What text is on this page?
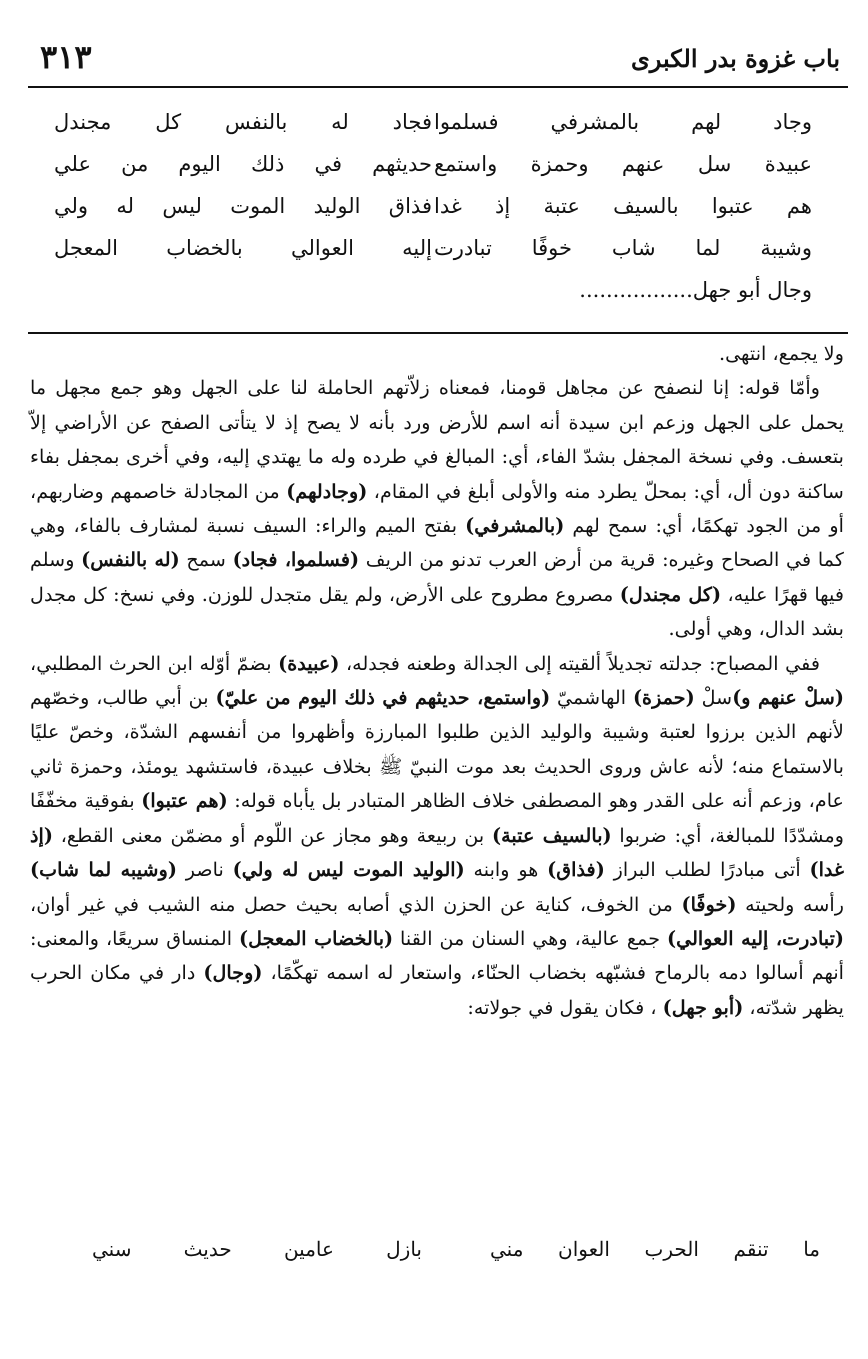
باب غزوة بدر الكبرى
٣١٣
وجاد لهم بالمشرفي فسلموا
فجاد له بالنفس كل مجندل
عبيدة سل عنهم وحمزة واستمع
حديثهم في ذلك اليوم من علي
هم عتبوا بالسيف عتبة إذ غدا
فذاق الوليد الموت ليس له ولي
وشيبة لما شاب خوفًا تبادرت
إليه العوالي بالخضاب المعجل
وجال أبو جهل.................

ولا يجمع، انتهى.

وأمّا قوله: إنا لنصفح عن مجاهل قومنا، فمعناه زلاّتهم الحاملة لنا على الجهل وهو جمع مجهل ما يحمل على الجهل وزعم ابن سيدة أنه اسم للأرض ورد بأنه لا يصح إذ لا يتأتى الصفح عن الأراضي إلاّ بتعسف. وفي نسخة المجفل بشدّ الفاء، أي: المبالغ في طرده وله ما يهتدي إليه، وفي أخرى بمجفل بفاء ساكنة دون أل، أي: بمحلّ يطرد منه والأولى أبلغ في المقام، (وجادلهم) من المجادلة خاصمهم وضاربهم، أو من الجود تهكمًا، أي: سمح لهم (بالمشرفي) بفتح الميم والراء: السيف نسبة لمشارف بالفاء، وهي كما في الصحاح وغيره: قرية من أرض العرب تدنو من الريف (فسلموا، فجاد) سمح (له بالنفس) وسلم فيها قهرًا عليه، (كل مجندل) مصروع مطروح على الأرض، ولم يقل متجدل للوزن. وفي نسخ: كل مجدل بشد الدال، وهي أولى.

ففي المصباح: جدلته تجديلاً ألقيته إلى الجدالة وطعنه فجدله، (عبيدة) بضمّ أوّله ابن الحرث المطلبي، (سلْ عنهم و)سلْ (حمزة) الهاشميّ (واستمع، حديثهم في ذلك اليوم من عليّ) بن أبي طالب، وخصّهم لأنهم الذين برزوا لعتبة وشيبة والوليد الذين طلبوا المبارزة وأظهروا من أنفسهم الشدّة، وخصّ عليًا بالاستماع منه؛ لأنه عاش وروى الحديث بعد موت النبيّ ﷺ بخلاف عبيدة، فاستشهد يومئذ، وحمزة ثاني عام، وزعم أنه على القدر وهو المصطفى خلاف الظاهر المتبادر بل يأباه قوله: (هم عتبوا) بفوقية مخفّفًا ومشدّدًا للمبالغة، أي: ضربوا (بالسيف عتبة) بن ربيعة وهو مجاز عن اللّوم أو مضمّن معنى القطع، (إذ غدا) أتى مبادرًا لطلب البراز (فذاق) هو وابنه (الوليد الموت ليس له ولي) ناصر (وشيبه لما شاب) رأسه ولحيته (خوفًا) من الخوف، كناية عن الحزن الذي أصابه بحيث حصل منه الشيب في غير أوان، (تبادرت، إليه العوالي) جمع عالية، وهي السنان من القنا (بالخضاب المعجل) المنساق سريعًا، والمعنى: أنهم أسالوا دمه بالرماح فشبّهه بخضاب الحنّاء، واستعار له اسمه تهكّمًا، (وجال) دار في مكان الحرب يظهر شدّته، (أبو جهل) ، فكان يقول في جولاته:

ما تنقم الحرب العوان مني
بازل عامين حديث سني
